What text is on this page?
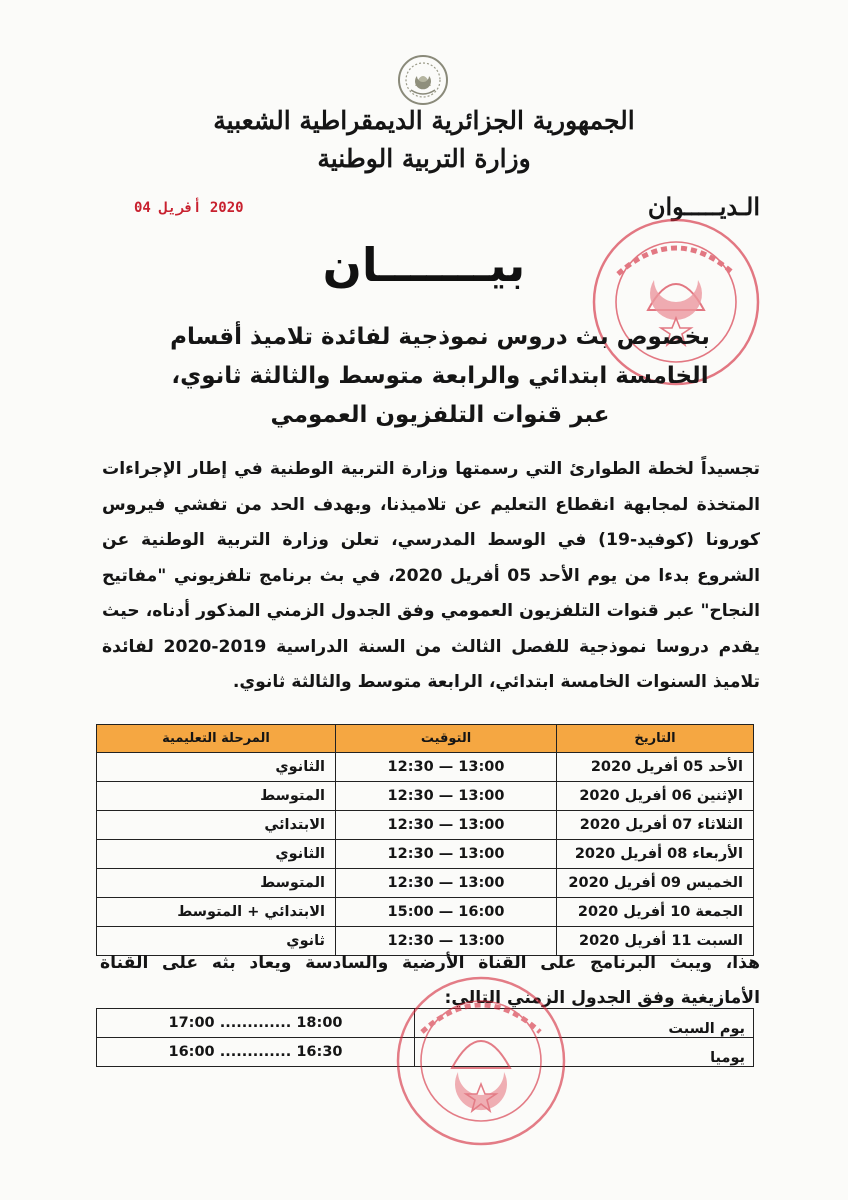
الجمهورية الجزائرية الديمقراطية الشعبية
وزارة التربية الوطنية
الـديـــــوان
2020 أفريل 04
بيـــــــان
بخصوص بث دروس نموذجية لفائدة تلاميذ أقسام الخامسة ابتدائي والرابعة متوسط والثالثة ثانوي، عبر قنوات التلفزيون العمومي
تجسيداً لخطة الطوارئ التي رسمتها وزارة التربية الوطنية في إطار الإجراءات المتخذة لمجابهة انقطاع التعليم عن تلاميذنا، وبهدف الحد من تفشي فيروس كورونا (كوفيد-19) في الوسط المدرسي، تعلن وزارة التربية الوطنية عن الشروع بدءا من يوم الأحد 05 أفريل 2020، في بث برنامج تلفزيوني "مفاتيح النجاح" عبر قنوات التلفزيون العمومي وفق الجدول الزمني المذكور أدناه، حيث يقدم دروسا نموذجية للفصل الثالث من السنة الدراسية 2019-2020 لفائدة تلاميذ السنوات الخامسة ابتدائي، الرابعة متوسط والثالثة ثانوي.
التاريخ	التوقيت	المرحلة التعليمية
الأحد 05 أفريل 2020	12:30 — 13:00	الثانوي
الإثنين 06 أفريل 2020	12:30 — 13:00	المتوسط
الثلاثاء 07 أفريل 2020	12:30 — 13:00	الابتدائي
الأربعاء 08 أفريل 2020	12:30 — 13:00	الثانوي
الخميس 09 أفريل 2020	12:30 — 13:00	المتوسط
الجمعة 10 أفريل 2020	15:00 — 16:00	الابتدائي + المتوسط
السبت 11 أفريل 2020	12:30 — 13:00	ثانوي
هذا، ويبث البرنامج على القناة الأرضية والسادسة ويعاد بثه على القناة الأمازيغية وفق الجدول الزمني التالي:
يوم السبت	17:00 ............. 18:00
يوميا	16:00 ............. 16:30
